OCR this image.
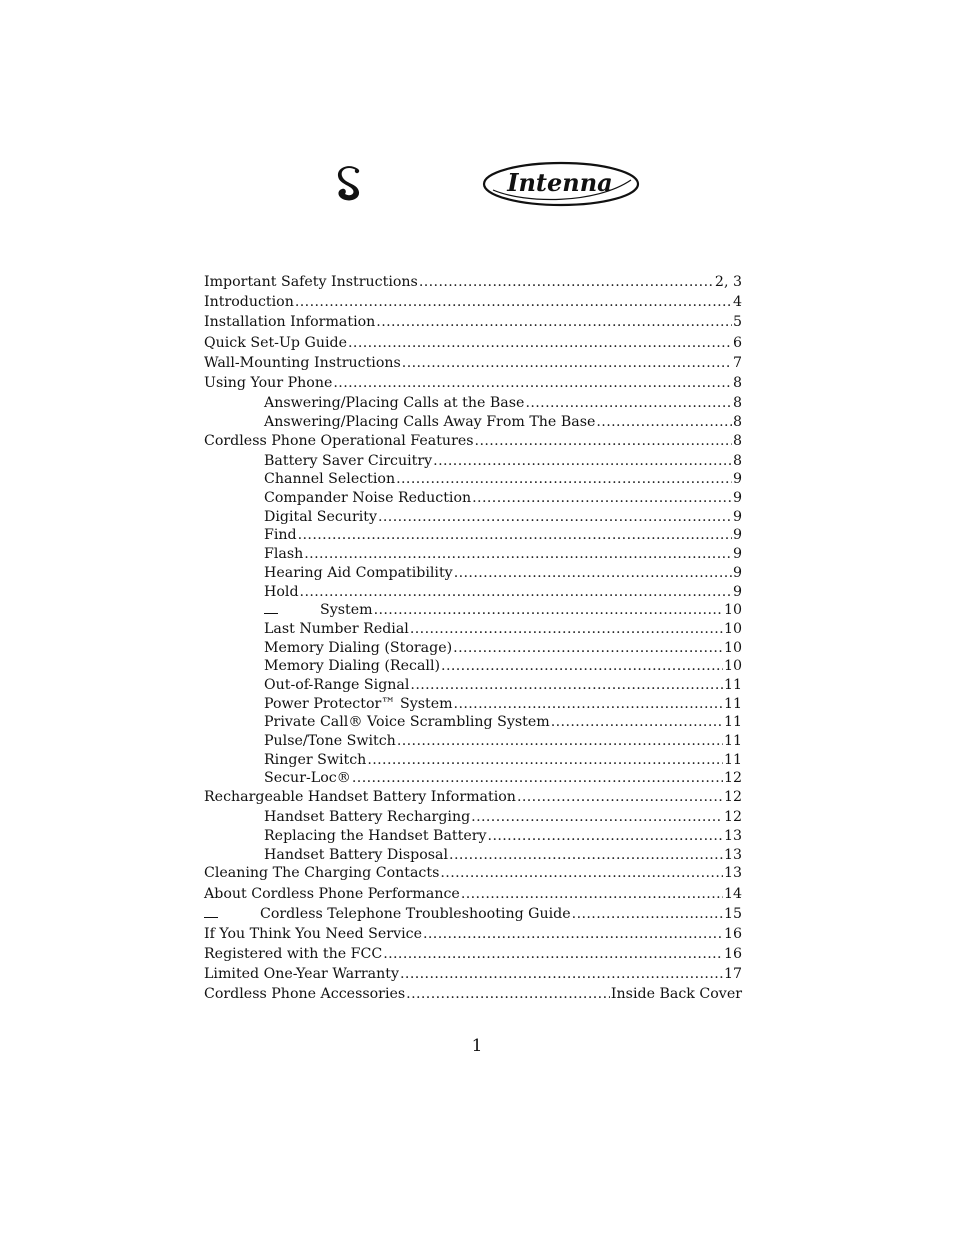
Intenna
Important Safety Instructions .....	2, 3
Introduction .....	4
Installation Information .....	5
Quick Set-Up Guide .....	6
Wall-Mounting Instructions .....	7
Using Your Phone .....	8
Answering/Placing Calls at the Base .....	8
Answering/Placing Calls Away From The Base .....	8
Cordless Phone Operational Features .....	8
Battery Saver Circuitry .....	8
Channel Selection .....	9
Compander Noise Reduction .....	9
Digital Security .....	9
Find .....	9
Flash .....	9
Hearing Aid Compatibility .....	9
Hold .....	9
System .....	10
Last Number Redial .....	10
Memory Dialing (Storage) .....	10
Memory Dialing (Recall) .....	10
Out-of-Range Signal .....	11
Power Protector™ System .....	11
Private Call® Voice Scrambling System .....	11
Pulse/Tone Switch .....	11
Ringer Switch .....	11
Secur-Loc® .....	12
Rechargeable Handset Battery Information .....	12
Handset Battery Recharging .....	12
Replacing the Handset Battery .....	13
Handset Battery Disposal .....	13
Cleaning The Charging Contacts .....	13
About Cordless Phone Performance .....	14
Cordless Telephone Troubleshooting Guide .....	15
If You Think You Need Service .....	16
Registered with the FCC .....	16
Limited One-Year Warranty .....	17
Cordless Phone Accessories .....	Inside Back Cover
1
